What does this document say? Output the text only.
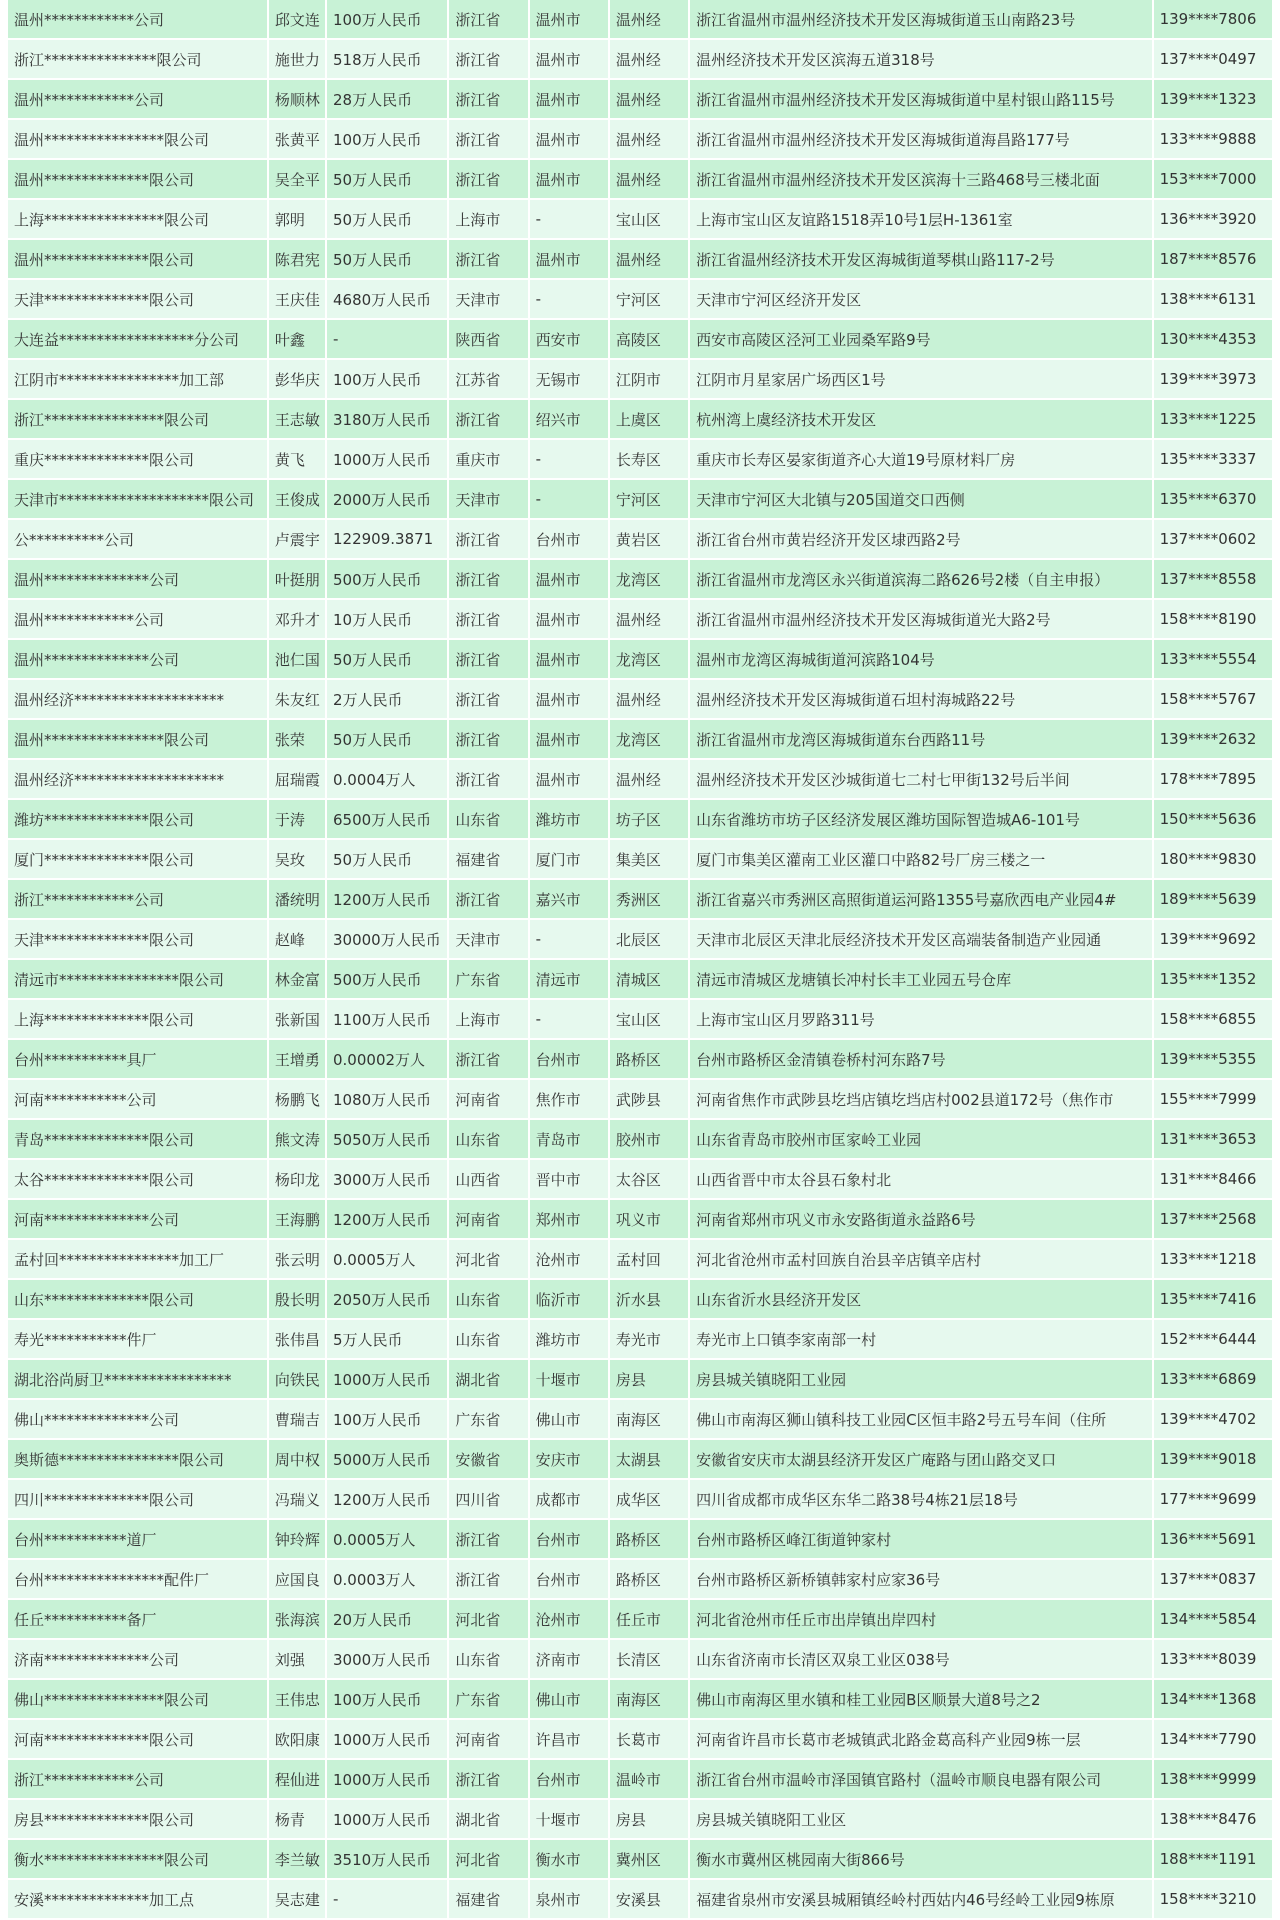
温州************公司	邱文连	100万人民币	浙江省	温州市	温州经	浙江省温州市温州经济技术开发区海城街道玉山南路23号	139****7806
浙江***************限公司	施世力	518万人民币	浙江省	温州市	温州经	温州经济技术开发区滨海五道318号	137****0497
温州************公司	杨顺林	28万人民币	浙江省	温州市	温州经	浙江省温州市温州经济技术开发区海城街道中星村银山路115号	139****1323
温州****************限公司	张黄平	100万人民币	浙江省	温州市	温州经	浙江省温州市温州经济技术开发区海城街道海昌路177号	133****9888
温州**************限公司	吴全平	50万人民币	浙江省	温州市	温州经	浙江省温州市温州经济技术开发区滨海十三路468号三楼北面	153****7000
上海****************限公司	郭明	50万人民币	上海市	-	宝山区	上海市宝山区友谊路1518弄10号1层H-1361室	136****3920
温州**************限公司	陈君宪	50万人民币	浙江省	温州市	温州经	浙江省温州经济技术开发区海城街道琴棋山路117-2号	187****8576
天津**************限公司	王庆佳	4680万人民币	天津市	-	宁河区	天津市宁河区经济开发区	138****6131
大连益******************分公司	叶鑫	-	陕西省	西安市	高陵区	西安市高陵区泾河工业园桑军路9号	130****4353
江阴市****************加工部	彭华庆	100万人民币	江苏省	无锡市	江阴市	江阴市月星家居广场西区1号	139****3973
浙江****************限公司	王志敏	3180万人民币	浙江省	绍兴市	上虞区	杭州湾上虞经济技术开发区	133****1225
重庆**************限公司	黄飞	1000万人民币	重庆市	-	长寿区	重庆市长寿区晏家街道齐心大道19号原材料厂房	135****3337
天津市********************限公司	王俊成	2000万人民币	天津市	-	宁河区	天津市宁河区大北镇与205国道交口西侧	135****6370
公**********公司	卢震宇	122909.3871	浙江省	台州市	黄岩区	浙江省台州市黄岩经济开发区埭西路2号	137****0602
温州**************公司	叶挺朋	500万人民币	浙江省	温州市	龙湾区	浙江省温州市龙湾区永兴街道滨海二路626号2楼（自主申报）	137****8558
温州************公司	邓升才	10万人民币	浙江省	温州市	温州经	浙江省温州市温州经济技术开发区海城街道光大路2号	158****8190
温州**************公司	池仁国	50万人民币	浙江省	温州市	龙湾区	温州市龙湾区海城街道河滨路104号	133****5554
温州经济********************	朱友红	2万人民币	浙江省	温州市	温州经	温州经济技术开发区海城街道石坦村海城路22号	158****5767
温州****************限公司	张荣	50万人民币	浙江省	温州市	龙湾区	浙江省温州市龙湾区海城街道东台西路11号	139****2632
温州经济********************	屈瑞霞	0.0004万人	浙江省	温州市	温州经	温州经济技术开发区沙城街道七二村七甲街132号后半间	178****7895
潍坊**************限公司	于涛	6500万人民币	山东省	潍坊市	坊子区	山东省潍坊市坊子区经济发展区潍坊国际智造城A6-101号	150****5636
厦门**************限公司	吴玫	50万人民币	福建省	厦门市	集美区	厦门市集美区灌南工业区灌口中路82号厂房三楼之一	180****9830
浙江************公司	潘统明	1200万人民币	浙江省	嘉兴市	秀洲区	浙江省嘉兴市秀洲区高照街道运河路1355号嘉欣西电产业园4#	189****5639
天津**************限公司	赵峰	30000万人民币	天津市	-	北辰区	天津市北辰区天津北辰经济技术开发区高端装备制造产业园通	139****9692
清远市****************限公司	林金富	500万人民币	广东省	清远市	清城区	清远市清城区龙塘镇长冲村长丰工业园五号仓库	135****1352
上海**************限公司	张新国	1100万人民币	上海市	-	宝山区	上海市宝山区月罗路311号	158****6855
台州***********具厂	王增勇	0.00002万人	浙江省	台州市	路桥区	台州市路桥区金清镇卷桥村河东路7号	139****5355
河南***********公司	杨鹏飞	1080万人民币	河南省	焦作市	武陟县	河南省焦作市武陟县圪垱店镇圪垱店村002县道172号（焦作市	155****7999
青岛**************限公司	熊文涛	5050万人民币	山东省	青岛市	胶州市	山东省青岛市胶州市匡家岭工业园	131****3653
太谷**************限公司	杨印龙	3000万人民币	山西省	晋中市	太谷区	山西省晋中市太谷县石象村北	131****8466
河南**************公司	王海鹏	1200万人民币	河南省	郑州市	巩义市	河南省郑州市巩义市永安路街道永益路6号	137****2568
孟村回****************加工厂	张云明	0.0005万人	河北省	沧州市	孟村回	河北省沧州市孟村回族自治县辛店镇辛店村	133****1218
山东**************限公司	殷长明	2050万人民币	山东省	临沂市	沂水县	山东省沂水县经济开发区	135****7416
寿光***********件厂	张伟昌	5万人民币	山东省	潍坊市	寿光市	寿光市上口镇李家南部一村	152****6444
湖北浴尚厨卫*****************	向铁民	1000万人民币	湖北省	十堰市	房县	房县城关镇晓阳工业园	133****6869
佛山**************公司	曹瑞吉	100万人民币	广东省	佛山市	南海区	佛山市南海区狮山镇科技工业园C区恒丰路2号五号车间（住所	139****4702
奥斯德****************限公司	周中权	5000万人民币	安徽省	安庆市	太湖县	安徽省安庆市太湖县经济开发区广庵路与团山路交叉口	139****9018
四川**************限公司	冯瑞义	1200万人民币	四川省	成都市	成华区	四川省成都市成华区东华二路38号4栋21层18号	177****9699
台州***********道厂	钟玲辉	0.0005万人	浙江省	台州市	路桥区	台州市路桥区峰江街道钟家村	136****5691
台州****************配件厂	应国良	0.0003万人	浙江省	台州市	路桥区	台州市路桥区新桥镇韩家村应家36号	137****0837
任丘***********备厂	张海滨	20万人民币	河北省	沧州市	任丘市	河北省沧州市任丘市出岸镇出岸四村	134****5854
济南**************公司	刘强	3000万人民币	山东省	济南市	长清区	山东省济南市长清区双泉工业区038号	133****8039
佛山****************限公司	王伟忠	100万人民币	广东省	佛山市	南海区	佛山市南海区里水镇和桂工业园B区顺景大道8号之2	134****1368
河南**************限公司	欧阳康	1000万人民币	河南省	许昌市	长葛市	河南省许昌市长葛市老城镇武北路金葛高科产业园9栋一层	134****7790
浙江************公司	程仙进	1000万人民币	浙江省	台州市	温岭市	浙江省台州市温岭市泽国镇官路村（温岭市顺良电器有限公司	138****9999
房县**************限公司	杨青	1000万人民币	湖北省	十堰市	房县	房县城关镇晓阳工业区	138****8476
衡水****************限公司	李兰敏	3510万人民币	河北省	衡水市	冀州区	衡水市冀州区桃园南大街866号	188****1191
安溪**************加工点	吴志建	-	福建省	泉州市	安溪县	福建省泉州市安溪县城厢镇经岭村西姑内46号经岭工业园9栋原	158****3210
